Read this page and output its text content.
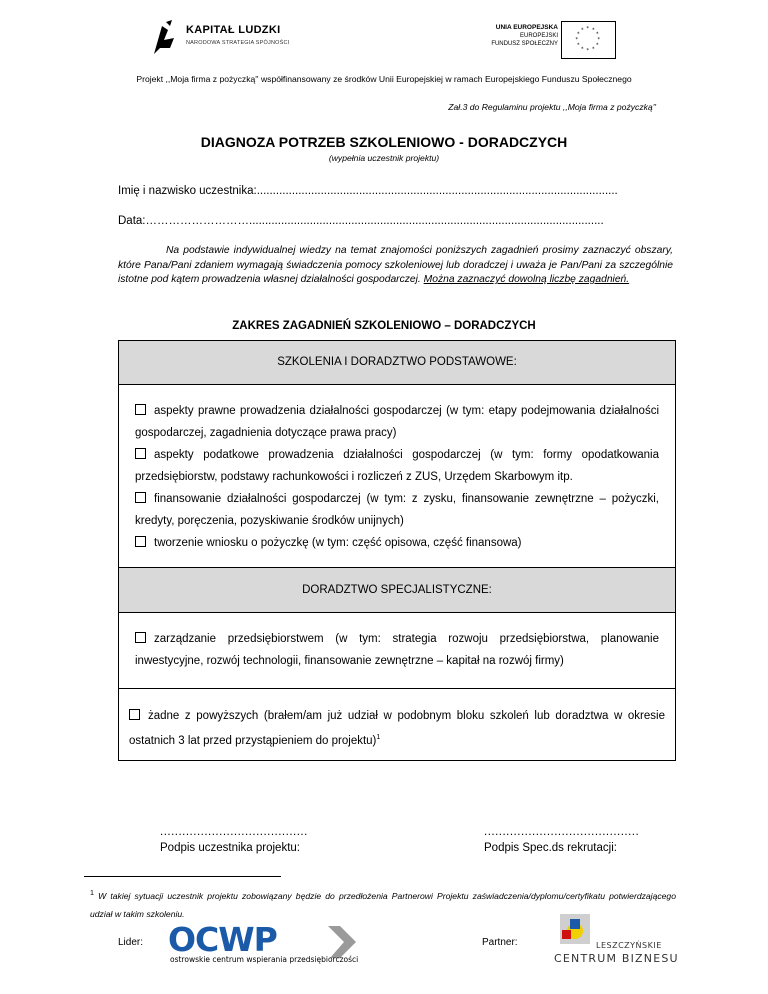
KAPITAŁ LUDZKI
NARODOWA STRATEGIA SPÓJNOŚCI
UNIA EUROPEJSKA
EUROPEJSKI
FUNDUSZ SPOŁECZNY
* *
*
*
*
*
*
*
*
*
*
*
Projekt ,,Moja firma z pożyczką'' współfinansowany ze środków Unii Europejskiej w ramach Europejskiego Funduszu Społecznego
Zał.3 do Regulaminu projektu ,,Moja firma z pożyczką''
DIAGNOZA POTRZEB SZKOLENIOWO - DORADCZYCH
(wypełnia uczestnik projektu)
Imię i nazwisko uczestnika:.................................................................................................................
Data:………………………...............................................................................................................
Na podstawie indywidualnej wiedzy na temat znajomości poniższych zagadnień prosimy zaznaczyć obszary, które Pana/Pani zdaniem wymagają świadczenia pomocy szkoleniowej lub doradczej i uważa je Pan/Pani za szczególnie istotne pod kątem prowadzenia własnej działalności gospodarczej. Można zaznaczyć dowolną liczbę zagadnień.
ZAKRES ZAGADNIEŃ SZKOLENIOWO – DORADCZYCH
SZKOLENIA I DORADZTWO PODSTAWOWE:
aspekty prawne prowadzenia działalności gospodarczej (w tym: etapy podejmowania działalności gospodarczej, zagadnienia dotyczące prawa pracy)
aspekty podatkowe prowadzenia działalności gospodarczej (w tym: formy opodatkowania przedsiębiorstw, podstawy rachunkowości i rozliczeń z ZUS, Urzędem Skarbowym itp.
finansowanie działalności gospodarczej (w tym: z zysku, finansowanie zewnętrzne – pożyczki, kredyty, poręczenia, pozyskiwanie środków unijnych)
tworzenie wniosku o pożyczkę (w tym: część opisowa, część finansowa)
DORADZTWO SPECJALISTYCZNE:
zarządzanie przedsiębiorstwem (w tym: strategia rozwoju przedsiębiorstwa, planowanie inwestycyjne, rozwój technologii, finansowanie zewnętrzne – kapitał na rozwój firmy)
żadne z powyższych (brałem/am już udział w podobnym bloku szkoleń lub doradztwa w okresie ostatnich 3 lat przed przystąpieniem do projektu)$^1$
........................................
Podpis uczestnika projektu:
..........................................
Podpis Spec.ds rekrutacji:
$^1$ W takiej sytuacji uczestnik projektu zobowiązany będzie do przedłożenia Partnerowi Projektu zaświadczenia/dyplomu/certyfikatu potwierdzającego udział w takim szkoleniu.
Lider: OCWP
ostrowskie centrum wspierania przedsiębiorczości
Partner:	LESZCZYŃSKIE
CENTRUM BIZNESU
